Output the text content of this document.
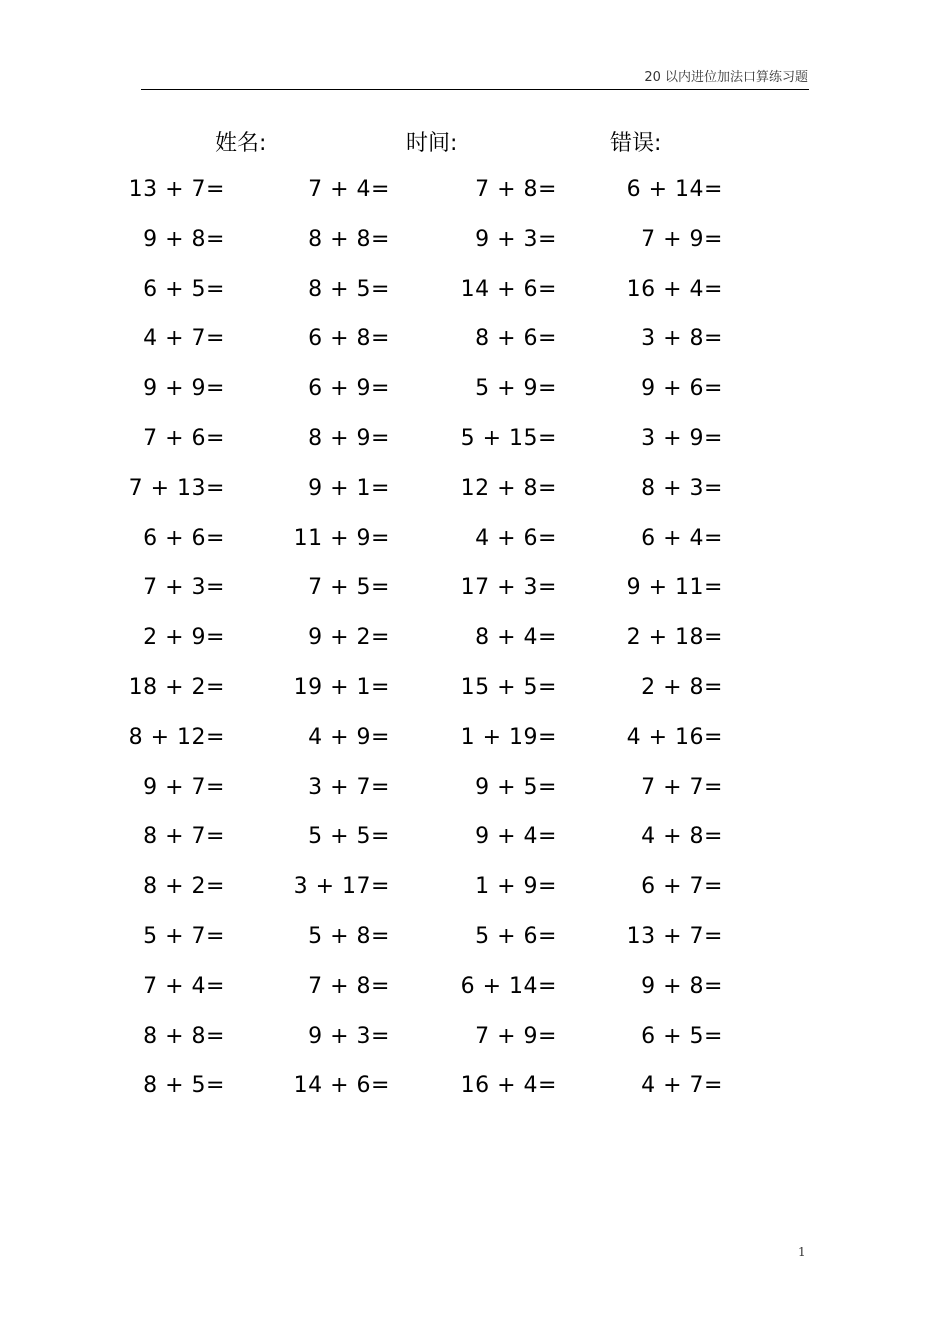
20 以内进位加法口算练习题
姓名:	时间:	错误:
13 + 7=	7 + 4=	7 + 8=	6 + 14=
9 + 8=	8 + 8=	9 + 3=	7 + 9=
6 + 5=	8 + 5=	14 + 6=	16 + 4=
4 + 7=	6 + 8=	8 + 6=	3 + 8=
9 + 9=	6 + 9=	5 + 9=	9 + 6=
7 + 6=	8 + 9=	5 + 15=	3 + 9=
7 + 13=	9 + 1=	12 + 8=	8 + 3=
6 + 6=	11 + 9=	4 + 6=	6 + 4=
7 + 3=	7 + 5=	17 + 3=	9 + 11=
2 + 9=	9 + 2=	8 + 4=	2 + 18=
18 + 2=	19 + 1=	15 + 5=	2 + 8=
8 + 12=	4 + 9=	1 + 19=	4 + 16=
9 + 7=	3 + 7=	9 + 5=	7 + 7=
8 + 7=	5 + 5=	9 + 4=	4 + 8=
8 + 2=	3 + 17=	1 + 9=	6 + 7=
5 + 7=	5 + 8=	5 + 6=	13 + 7=
7 + 4=	7 + 8=	6 + 14=	9 + 8=
8 + 8=	9 + 3=	7 + 9=	6 + 5=
8 + 5=	14 + 6=	16 + 4=	4 + 7=
1
